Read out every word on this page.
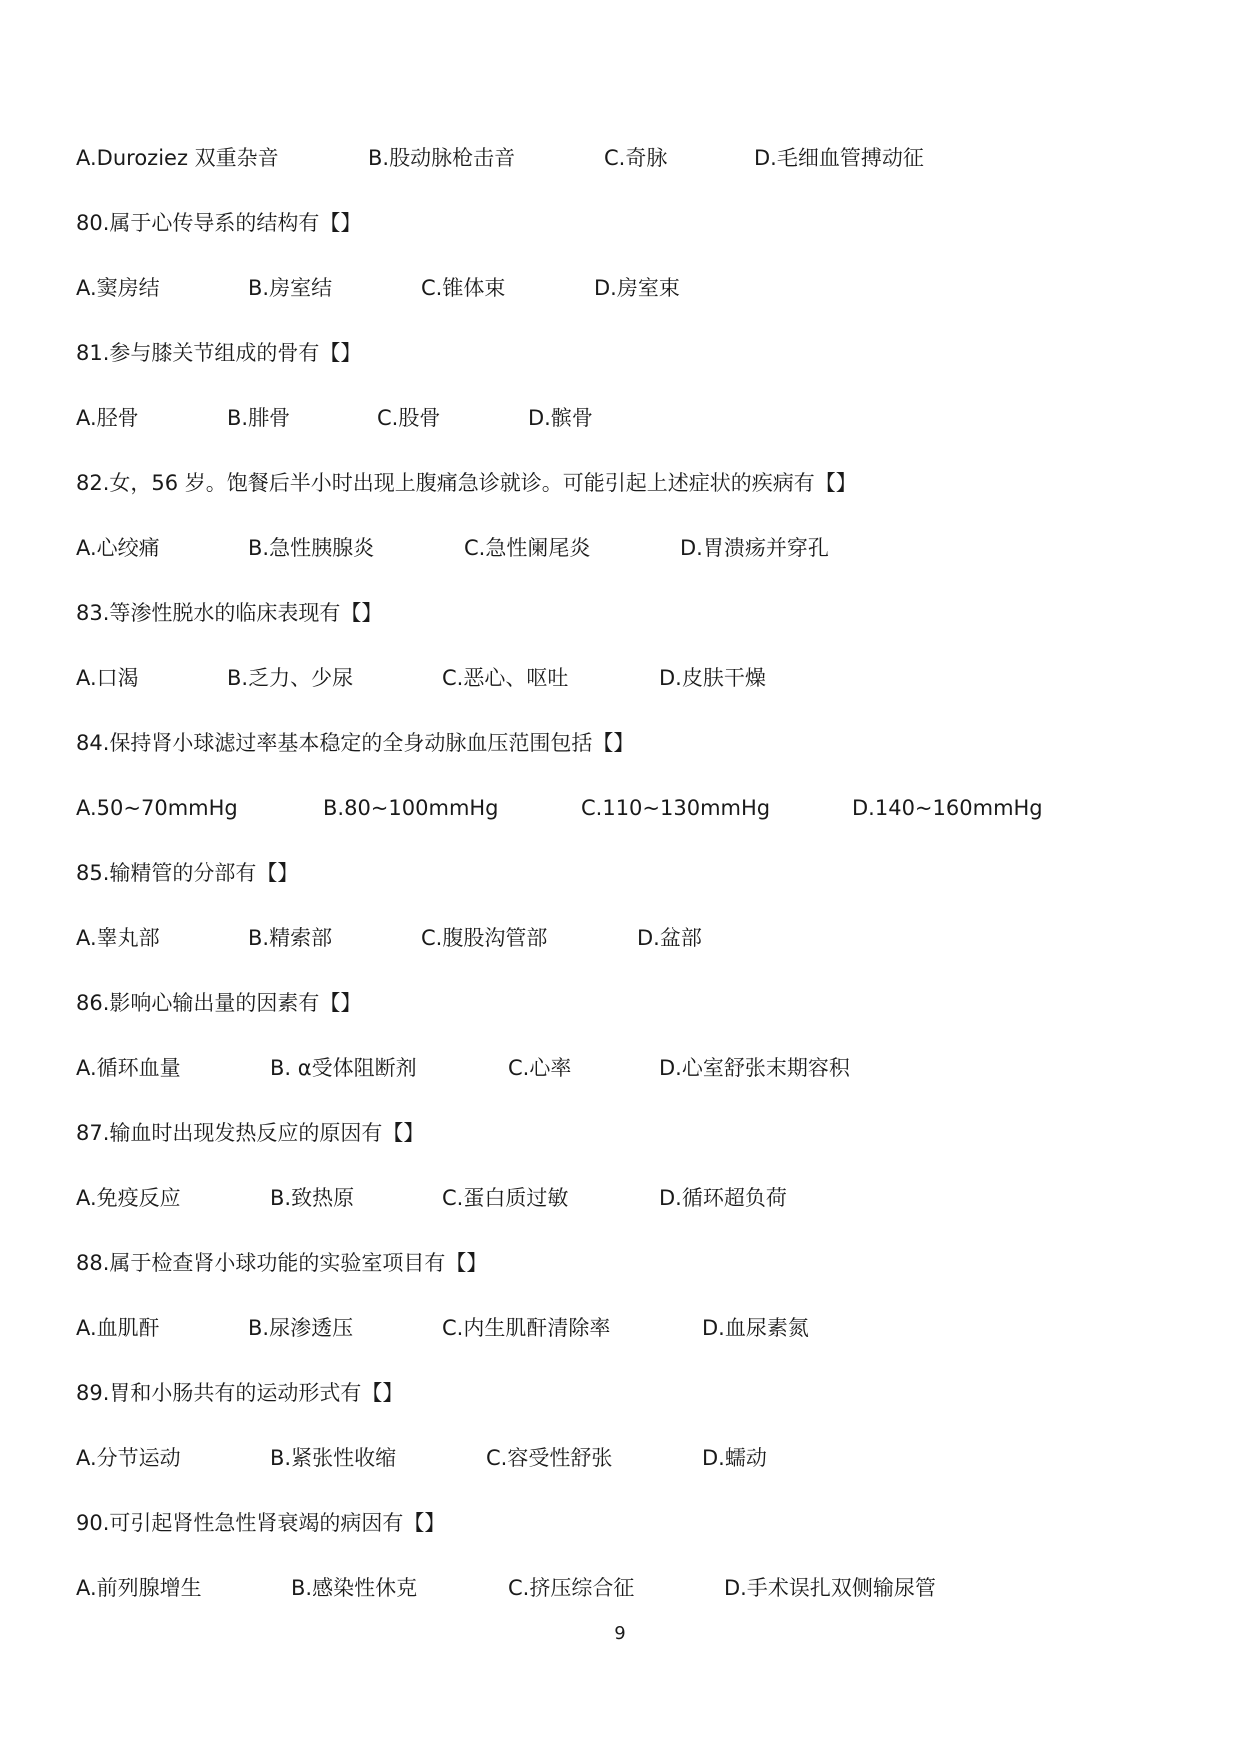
A.Duroziez 双重杂音	B.股动脉枪击音	C.奇脉	D.毛细血管搏动征
80.属于心传导系的结构有【】
A.窦房结	B.房室结	C.锥体束	D.房室束
81.参与膝关节组成的骨有【】
A.胫骨	B.腓骨	C.股骨	D.髌骨
82.女，56 岁。饱餐后半小时出现上腹痛急诊就诊。可能引起上述症状的疾病有【】
A.心绞痛	B.急性胰腺炎	C.急性阑尾炎	D.胃溃疡并穿孔
83.等渗性脱水的临床表现有【】
A.口渴	B.乏力、少尿	C.恶心、呕吐	D.皮肤干燥
84.保持肾小球滤过率基本稳定的全身动脉血压范围包括【】
A.50~70mmHg	B.80~100mmHg	C.110~130mmHg	D.140~160mmHg
85.输精管的分部有【】
A.睾丸部	B.精索部	C.腹股沟管部	D.盆部
86.影响心输出量的因素有【】
A.循环血量	B. α受体阻断剂	C.心率	D.心室舒张末期容积
87.输血时出现发热反应的原因有【】
A.免疫反应	B.致热原	C.蛋白质过敏	D.循环超负荷
88.属于检查肾小球功能的实验室项目有【】
A.血肌酐	B.尿渗透压	C.内生肌酐清除率	D.血尿素氮
89.胃和小肠共有的运动形式有【】
A.分节运动	B.紧张性收缩	C.容受性舒张	D.蠕动
90.可引起肾性急性肾衰竭的病因有【】
A.前列腺增生	B.感染性休克	C.挤压综合征	D.手术误扎双侧输尿管
9
